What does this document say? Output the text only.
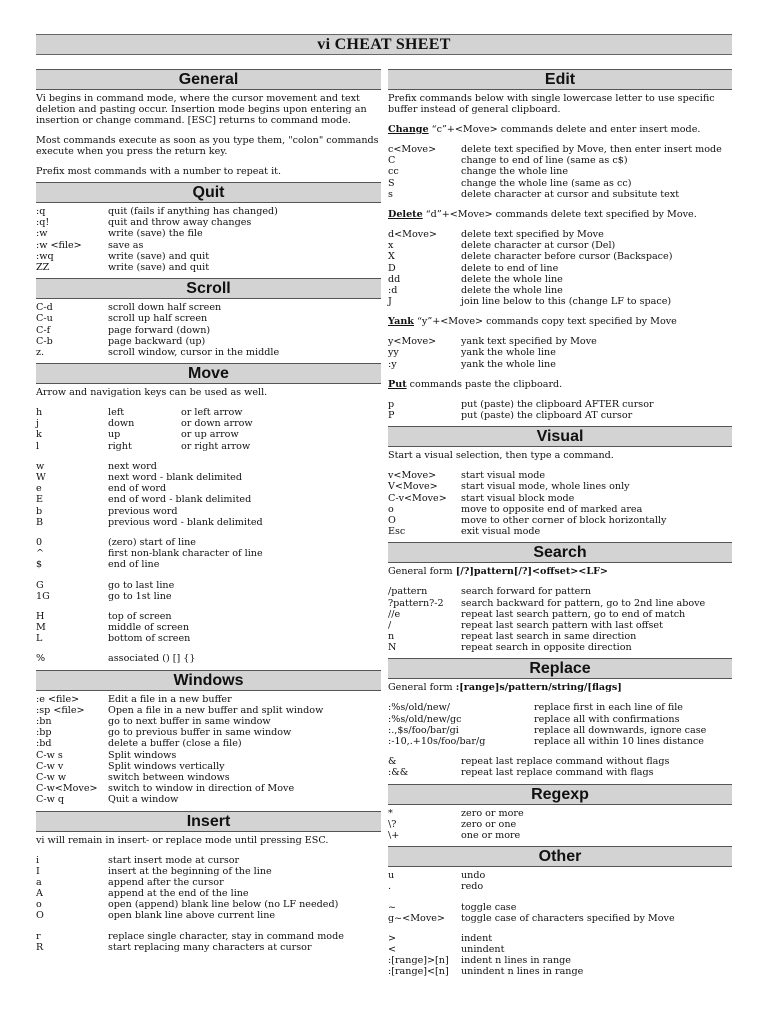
vi CHEAT SHEET
General
Vi begins in command mode, where the cursor movement and text deletion and pasting occur. Insertion mode begins upon entering an insertion or change command. [ESC] returns to command mode.
Most commands execute as soon as you type them, "colon" commands execute when you press the return key.
Prefix most commands with a number to repeat it.
Quit
:q	quit (fails if anything has changed)
:q!	quit and throw away changes
:w	write (save) the file
:w <file>	save as
:wq	write (save) and quit
ZZ	write (save) and quit
Scroll
C-d	scroll down half screen
C-u	scroll up half screen
C-f	page forward (down)
C-b	page backward (up)
z.	scroll window, cursor in the middle
Move
Arrow and navigation keys can be used as well.
h	left	or left arrow
j	down	or down arrow
k	up	or up arrow
l	right	or right arrow
w	next word
W	next word - blank delimited
e	end of word
E	end of word - blank delimited
b	previous word
B	previous word - blank delimited
0	(zero) start of line
^	first non-blank character of line
$	end of line
G	go to last line
1G	go to 1st line
H	top of screen
M	middle of screen
L	bottom of screen
%	associated () [] {}
Windows
:e <file>	Edit a file in a new buffer
:sp <file> Open a file in a new buffer and split window
:bn	go to next buffer in same window
:bp	go to previous buffer in same window
:bd	delete a buffer (close a file)
C-w s	Split windows
C-w v	Split windows vertically
C-w w	switch between windows
C-w<Move> switch to window in direction of Move
C-w q	Quit a window
Insert
vi will remain in insert- or replace mode until pressing ESC.
i	start insert mode at cursor
I	insert at the beginning of the line
a	append after the cursor
A	append at the end of the line
o	open (append) blank line below (no LF needed)
O	open blank line above current line
r	replace single character, stay in command mode
R	start replacing many characters at cursor
Edit
Prefix commands below with single lowercase letter to use specific buffer instead of general clipboard.
Change “c”+<Move> commands delete and enter insert mode.
c<Move>	delete text specified by Move, then enter insert mode
C	change to end of line (same as c$)
cc	change the whole line
S	change the whole line (same as cc)
s	delete character at cursor and subsitute text
Delete “d”+<Move> commands delete text specified by Move.
d<Move>	delete text specified by Move
x	delete character at cursor (Del)
X	delete character before cursor (Backspace)
D	delete to end of line
dd	delete the whole line
:d	delete the whole line
J	join line below to this (change LF to space)
Yank “y”+<Move> commands copy text specified by Move
y<Move>	yank text specified by Move
yy	yank the whole line
:y	yank the whole line
Put commands paste the clipboard.
p	put (paste) the clipboard AFTER cursor
P	put (paste) the clipboard AT cursor
Visual
Start a visual selection, then type a command.
v<Move>	start visual mode
V<Move> start visual mode, whole lines only
C-v<Move> start visual block mode
o	move to opposite end of marked area
O	move to other corner of block horizontally
Esc	exit visual mode
Search
General form [/?]pattern[/?]<offset><LF>
/pattern	search forward for pattern
?pattern?-2 search backward for pattern, go to 2nd line above
//e	repeat last search pattern, go to end of match
/	repeat last search pattern with last offset
n	repeat last search in same direction
N	repeat search in opposite direction
Replace
General form :[range]s/pattern/string/[flags]
:%s/old/new/	replace first in each line of file
:%s/old/new/gc	replace all with confirmations
:.,$s/foo/bar/gi	replace all downwards, ignore case
:-10,.+10s/foo/bar/g	replace all within 10 lines distance
&	repeat last replace command without flags
:&&	repeat last replace command with flags
Regexp
*	zero or more
\?	zero or one
\+	one or more
Other
u	undo
.	redo
~	toggle case
g~<Move> toggle case of characters specified by Move
>	indent
<	unindent
:[range]>[n] indent n lines in range
:[range]<[n] unindent n lines in range
